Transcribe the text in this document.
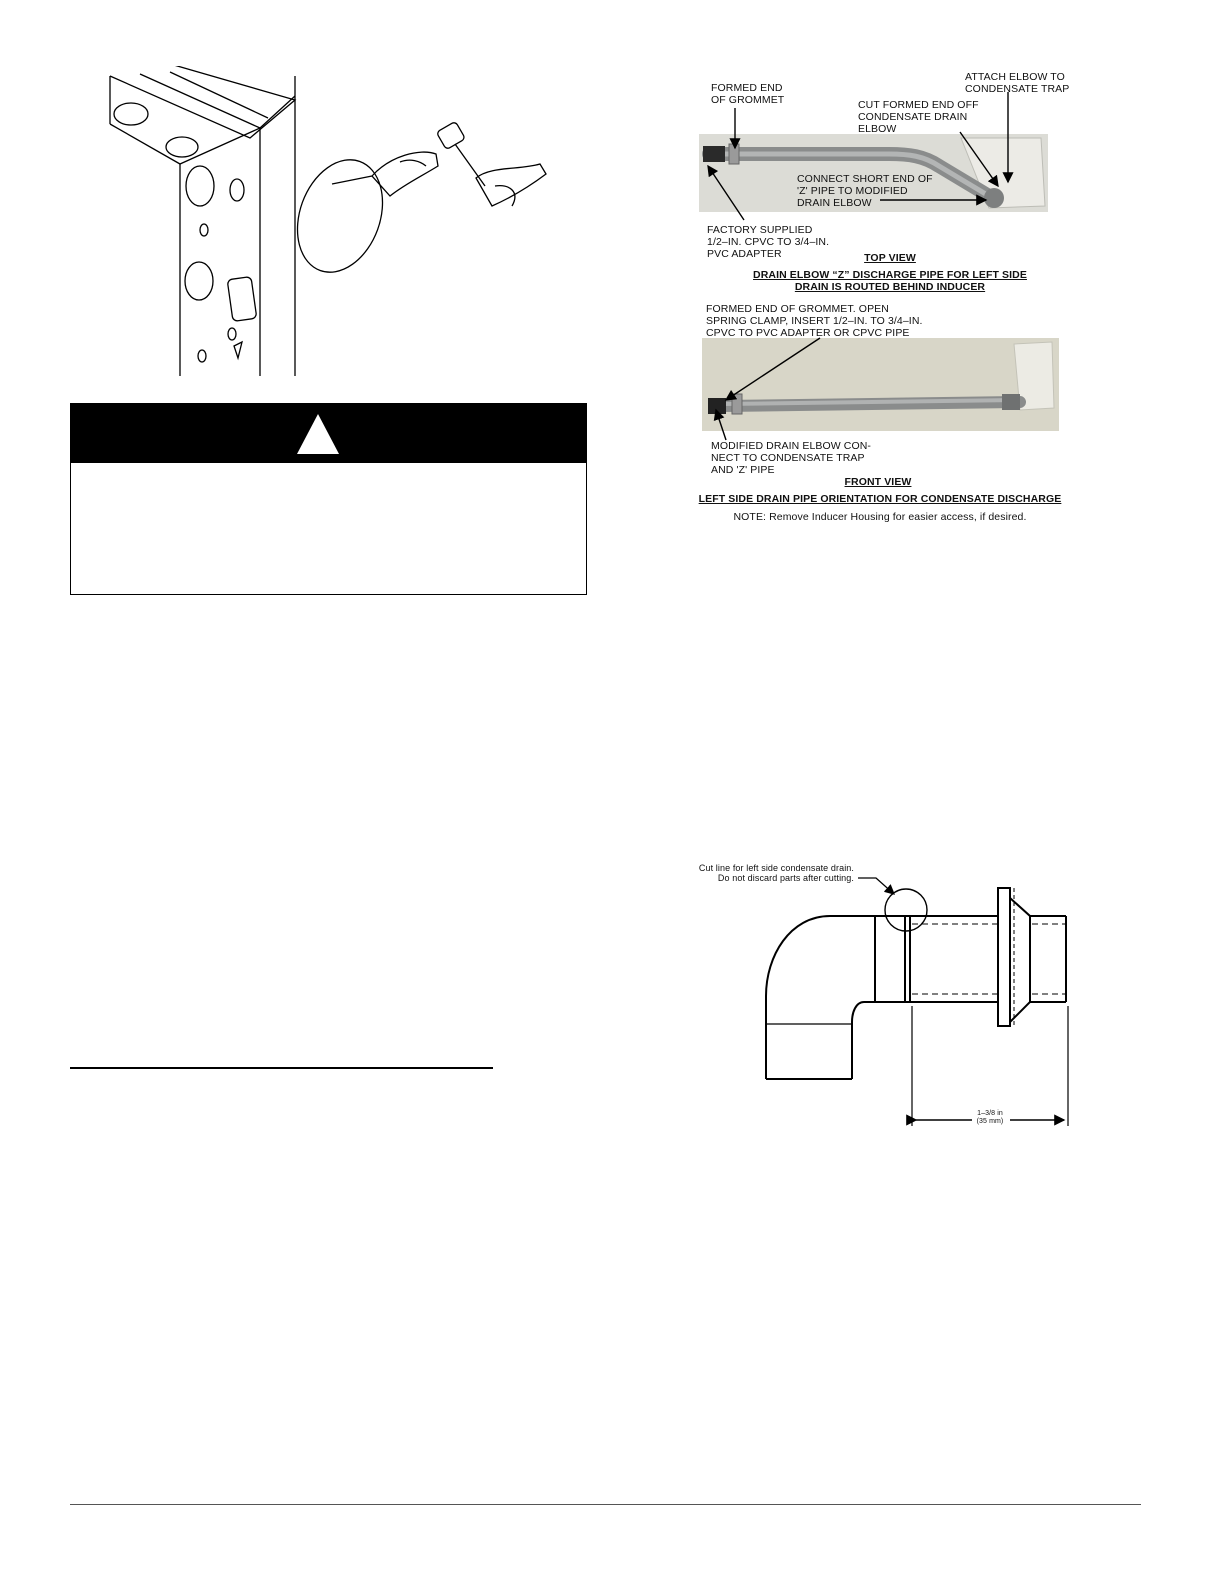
FORMED END
OF GROMMET
ATTACH ELBOW TO
CONDENSATE TRAP
CUT FORMED END OFF
CONDENSATE DRAIN
ELBOW
CONNECT SHORT END OF
'Z' PIPE TO MODIFIED
DRAIN ELBOW
FACTORY SUPPLIED
1/2–IN. CPVC TO 3/4–IN.
PVC ADAPTER	TOP VIEW
DRAIN ELBOW “Z” DISCHARGE PIPE FOR LEFT SIDE
DRAIN IS ROUTED BEHIND INDUCER
FORMED END OF GROMMET. OPEN
SPRING CLAMP, INSERT 1/2–IN. TO 3/4–IN.
CPVC TO PVC ADAPTER OR CPVC PIPE
MODIFIED DRAIN ELBOW CON-
NECT TO CONDENSATE TRAP
AND 'Z' PIPE
FRONT VIEW
LEFT SIDE DRAIN PIPE ORIENTATION FOR CONDENSATE DISCHARGE
NOTE: Remove Inducer Housing for easier access, if desired.
Cut line for left side condensate drain.
Do not discard parts after cutting.
1–3/8 in
(35 mm)
